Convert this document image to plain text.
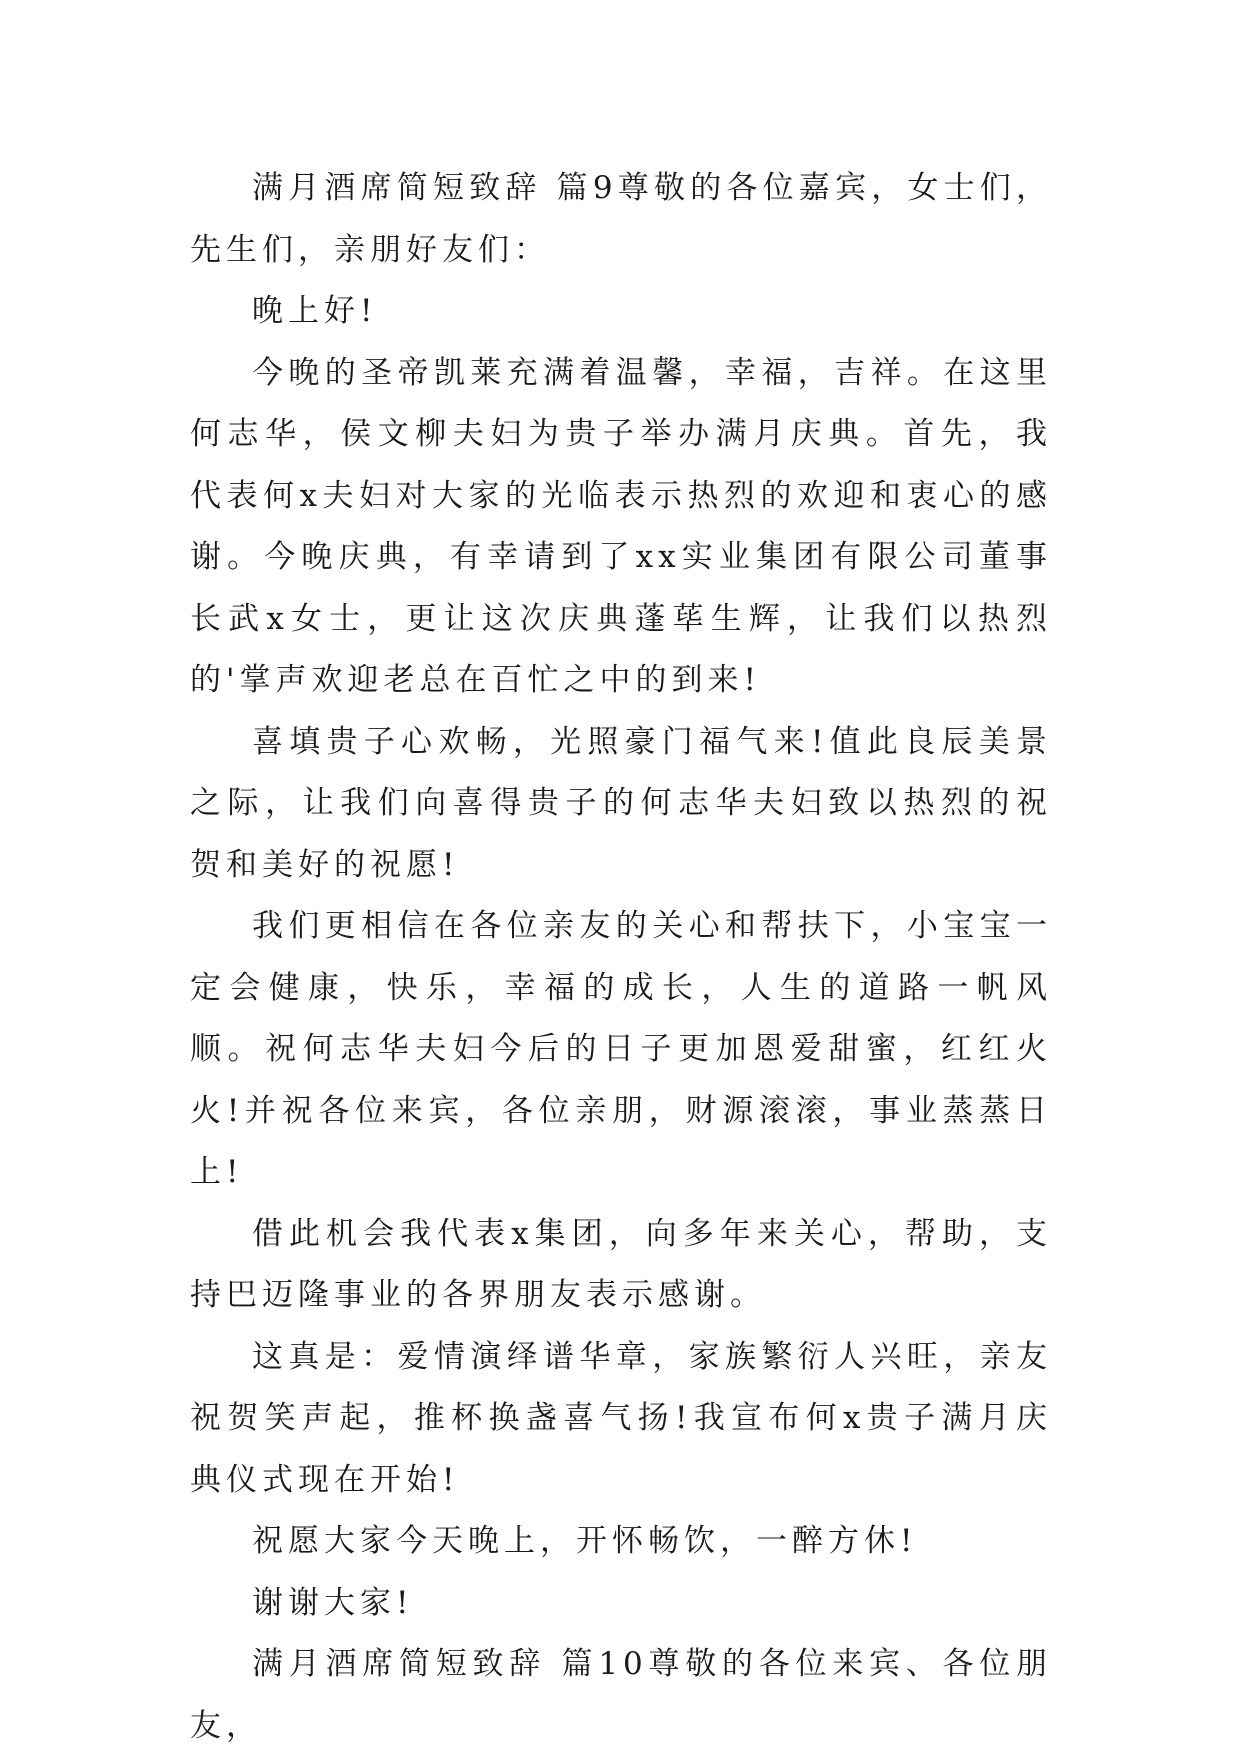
满月酒席简短致辞 篇9尊敬的各位嘉宾，女士们，先生们，亲朋好友们：

晚上好!

今晚的圣帝凯莱充满着温馨，幸福，吉祥。在这里何志华，侯文柳夫妇为贵子举办满月庆典。首先，我代表何x夫妇对大家的光临表示热烈的欢迎和衷心的感谢。今晚庆典，有幸请到了xx实业集团有限公司董事长武x女士，更让这次庆典蓬荜生辉，让我们以热烈的'掌声欢迎老总在百忙之中的到来!

喜填贵子心欢畅，光照豪门福气来!值此良辰美景之际，让我们向喜得贵子的何志华夫妇致以热烈的祝贺和美好的祝愿!

我们更相信在各位亲友的关心和帮扶下，小宝宝一定会健康，快乐，幸福的成长，人生的道路一帆风顺。祝何志华夫妇今后的日子更加恩爱甜蜜，红红火火!并祝各位来宾，各位亲朋，财源滚滚，事业蒸蒸日上!

借此机会我代表x集团，向多年来关心，帮助，支持巴迈隆事业的各界朋友表示感谢。

这真是：爱情演绎谱华章，家族繁衍人兴旺，亲友祝贺笑声起，推杯换盏喜气扬!我宣布何x贵子满月庆典仪式现在开始!

祝愿大家今天晚上，开怀畅饮，一醉方休!

谢谢大家!

满月酒席简短致辞 篇10尊敬的各位来宾、各位朋友，
